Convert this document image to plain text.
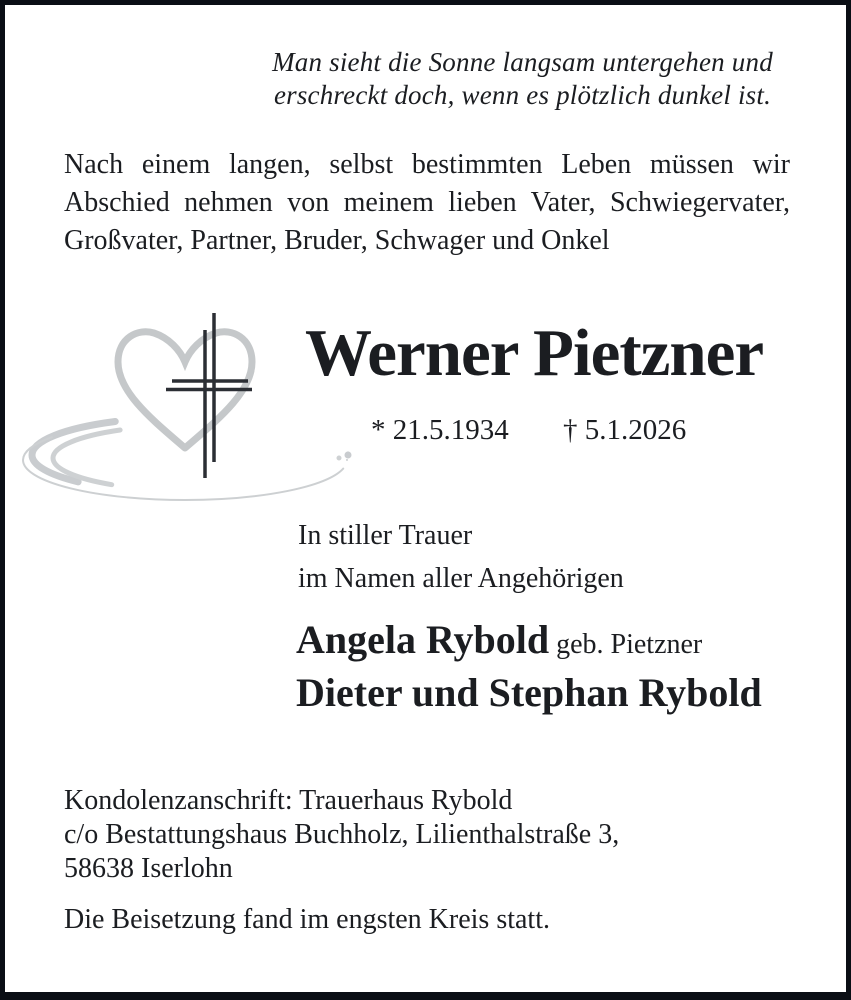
Man sieht die Sonne langsam untergehen und
erschreckt doch, wenn es plötzlich dunkel ist.
Nach einem langen, selbst bestimmten Leben müssen wir
Abschied nehmen von meinem lieben Vater, Schwiegervater,
Großvater, Partner, Bruder, Schwager und Onkel
Werner Pietzner
* 21.5.1934 † 5.1.2026
In stiller Trauer
im Namen aller Angehörigen
Angela Rybold geb. Pietzner
Dieter und Stephan Rybold
Kondolenzanschrift: Trauerhaus Rybold
c/o Bestattungshaus Buchholz, Lilienthalstraße 3,
58638 Iserlohn
Die Beisetzung fand im engsten Kreis statt.
